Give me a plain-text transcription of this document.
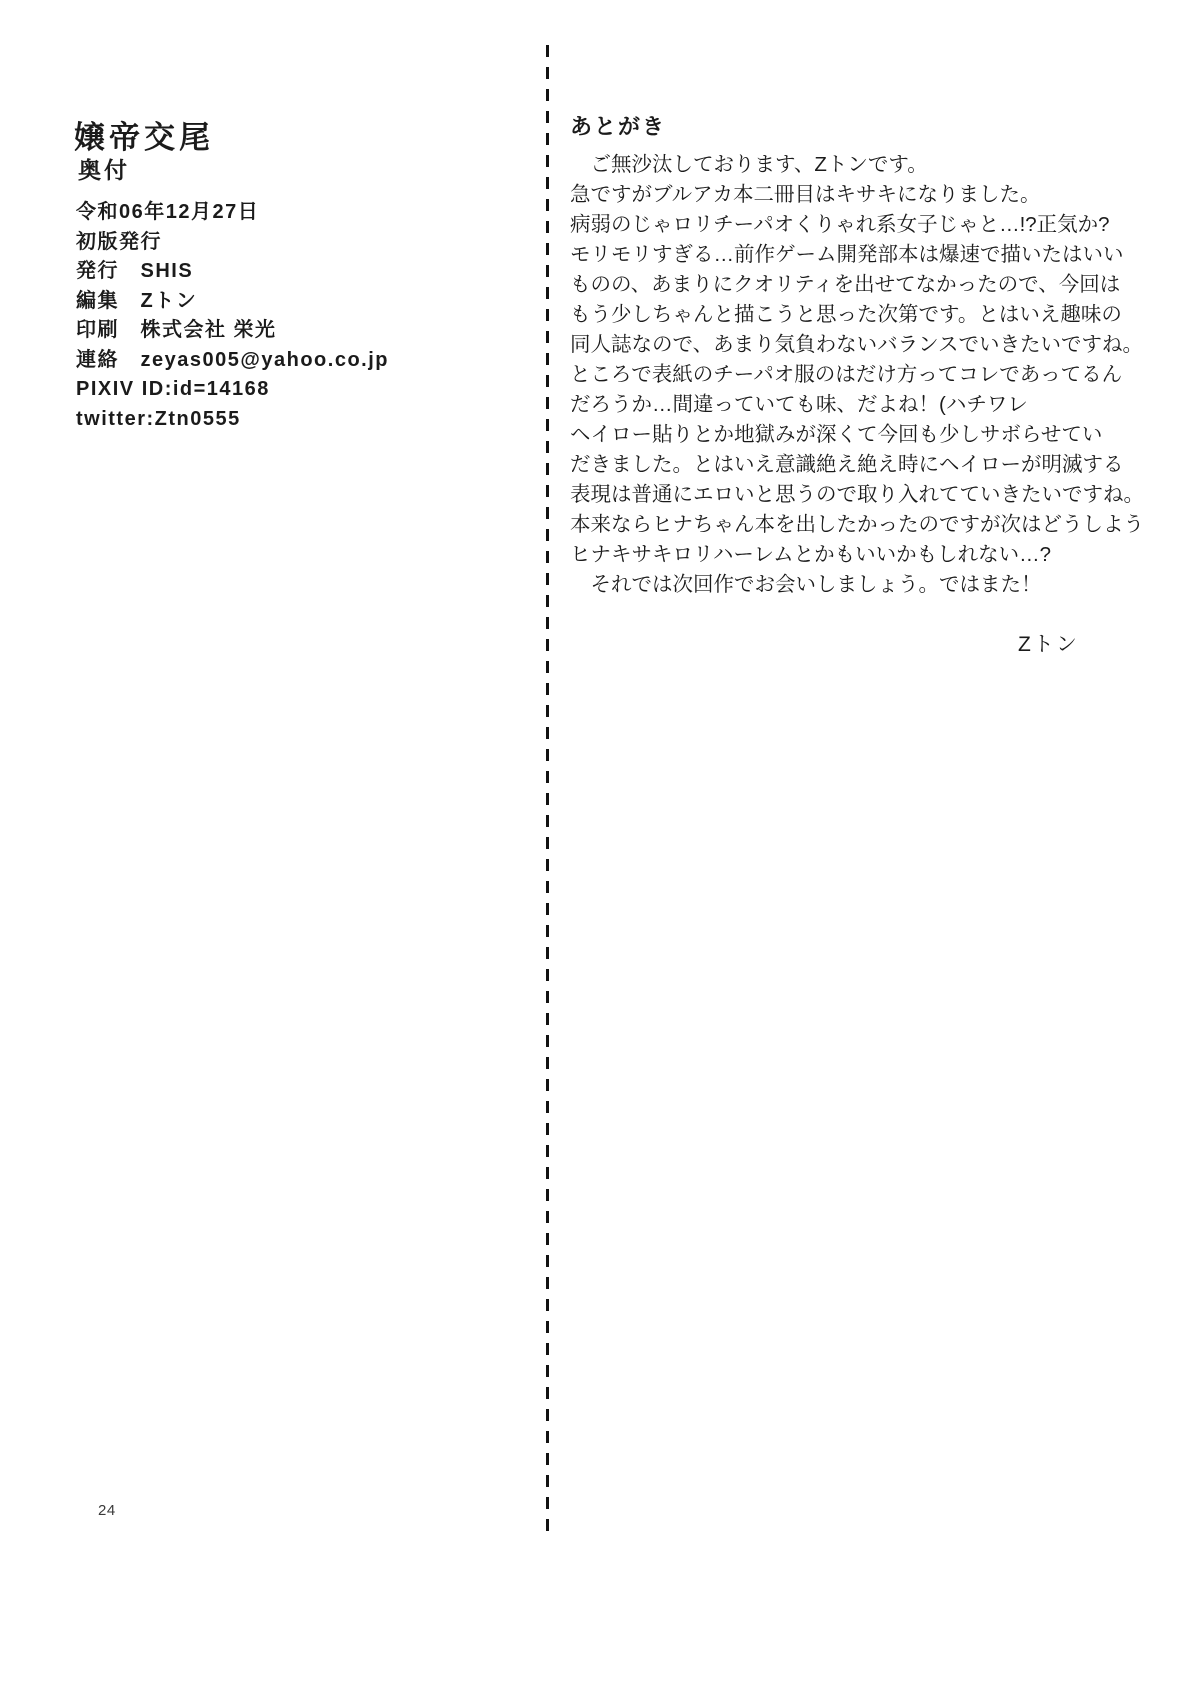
嬢帝交尾
奥付
令和06年12月27日
初版発行
発行　SHIS
編集　Zトン
印刷　株式会社 栄光
連絡　zeyas005@yahoo.co.jp
PIXIV ID:id=14168
twitter:Ztn0555
24
あとがき
　ご無沙汰しております、Zトンです。
急ですがブルアカ本二冊目はキサキになりました。
病弱のじゃロリチーパオくりゃれ系女子じゃと…!?正気か?
モリモリすぎる…前作ゲーム開発部本は爆速で描いたはいい
ものの、あまりにクオリティを出せてなかったので、今回は
もう少しちゃんと描こうと思った次第です。とはいえ趣味の
同人誌なので、あまり気負わないバランスでいきたいですね。
ところで表紙のチーパオ服のはだけ方ってコレであってるん
だろうか…間違っていても味、だよね！(ハチワレ
ヘイロー貼りとか地獄みが深くて今回も少しサボらせてい
だきました。とはいえ意識絶え絶え時にヘイローが明滅する
表現は普通にエロいと思うので取り入れてていきたいですね。
本来ならヒナちゃん本を出したかったのですが次はどうしよう
ヒナキサキロリハーレムとかもいいかもしれない…?
　それでは次回作でお会いしましょう。ではまた！
Zトン
